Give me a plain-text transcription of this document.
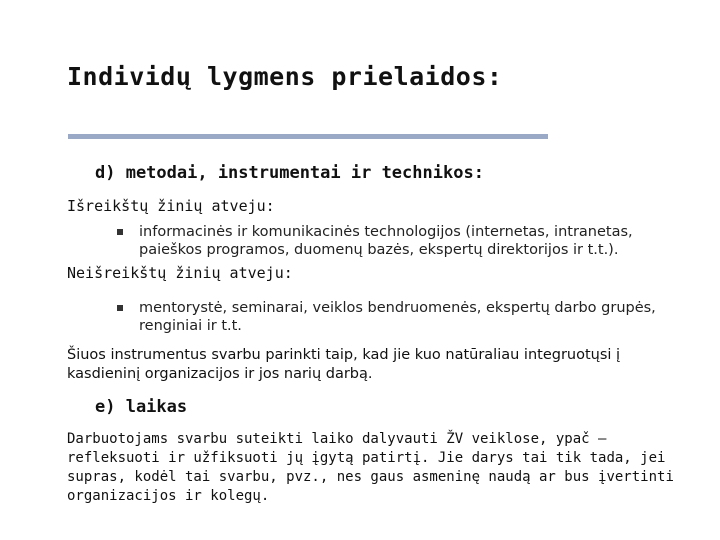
Individų lygmens prielaidos:
d) metodai, instrumentai ir technikos:
Išreikštų žinių atveju:
informacinės ir komunikacinės technologijos (internetas, intranetas, paieškos programos, duomenų bazės, ekspertų direktorijos ir t.t.).
Neišreikštų žinių atveju:
mentorystė, seminarai, veiklos bendruomenės, ekspertų darbo grupės, renginiai ir t.t.
Šiuos instrumentus svarbu parinkti taip, kad jie kuo natūraliau integruotųsi į kasdieninį organizacijos ir jos narių darbą.
e) laikas
Darbuotojams svarbu suteikti laiko dalyvauti ŽV veiklose, ypač – refleksuoti ir užfiksuoti jų įgytą patirtį. Jie darys tai tik tada, jei supras, kodėl tai svarbu, pvz., nes gaus asmeninę naudą ar bus įvertinti organizacijos ir kolegų.
